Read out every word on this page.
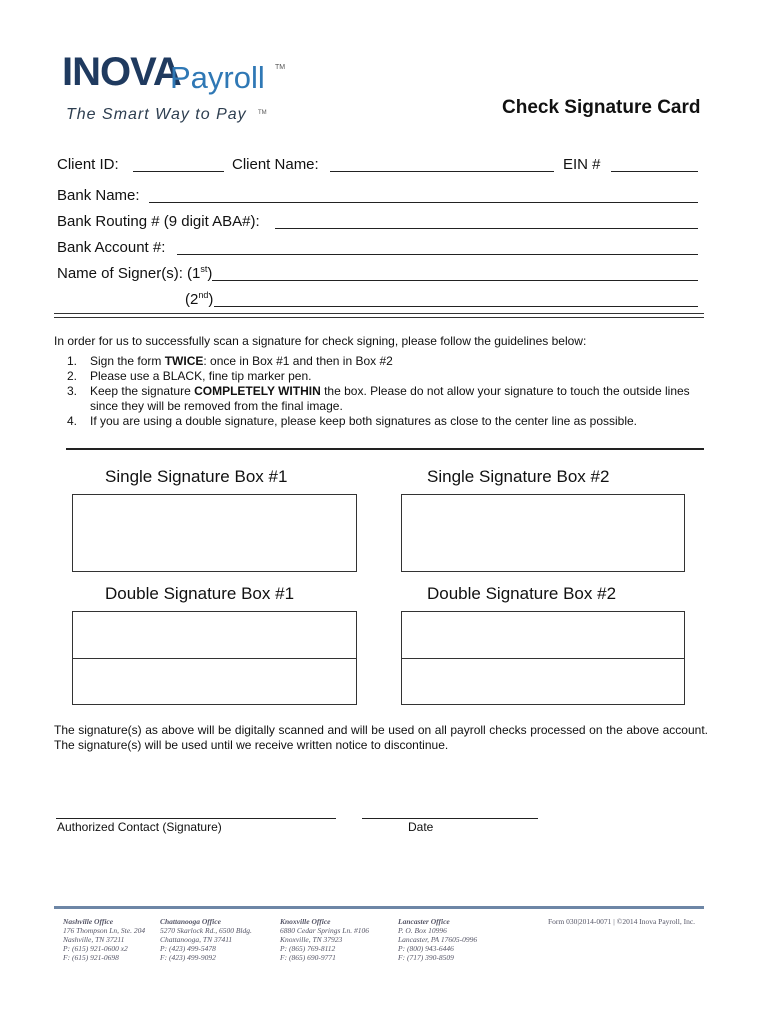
INOVA
Payroll TM
The Smart Way to Pay TM	Check Signature Card
Client ID:	Client Name:	EIN #
Bank Name:
Bank Routing # (9 digit ABA#):
Bank Account #:
Name of Signer(s): (1st)
(2nd)
In order for us to successfully scan a signature for check signing, please follow the guidelines below:
1. Sign the form TWICE: once in Box #1 and then in Box #2
2. Please use a BLACK, fine tip marker pen.
3. Keep the signature COMPLETELY WITHIN the box. Please do not allow your signature to touch the outside lines since they will be removed from the final image.
4. If you are using a double signature, please keep both signatures as close to the center line as possible.
Single Signature Box #1	Single Signature Box #2
Double Signature Box #1	Double Signature Box #2
The signature(s) as above will be digitally scanned and will be used on all payroll checks processed on the above account. The signature(s) will be used until we receive written notice to discontinue.
Authorized Contact (Signature)	Date
Nashville Office
176 Thompson Ln, Ste. 204
Nashville, TN 37211
P: (615) 921-0600 x2
F: (615) 921-0698
Chattanooga Office
5270 Skarlock Rd., 6500 Bldg.
Chattanooga, TN 37411
P: (423) 499-5478
F: (423) 499-9092
Knoxville Office
6880 Cedar Springs Ln. #106
Knoxville, TN 37923
P: (865) 769-8112
F: (865) 690-9771
Lancaster Office
P. O. Box 10996
Lancaster, PA 17605-0996
P: (800) 943-6446
F: (717) 390-8509
Form 030|2014-0071 | ©2014 Inova Payroll, Inc.
